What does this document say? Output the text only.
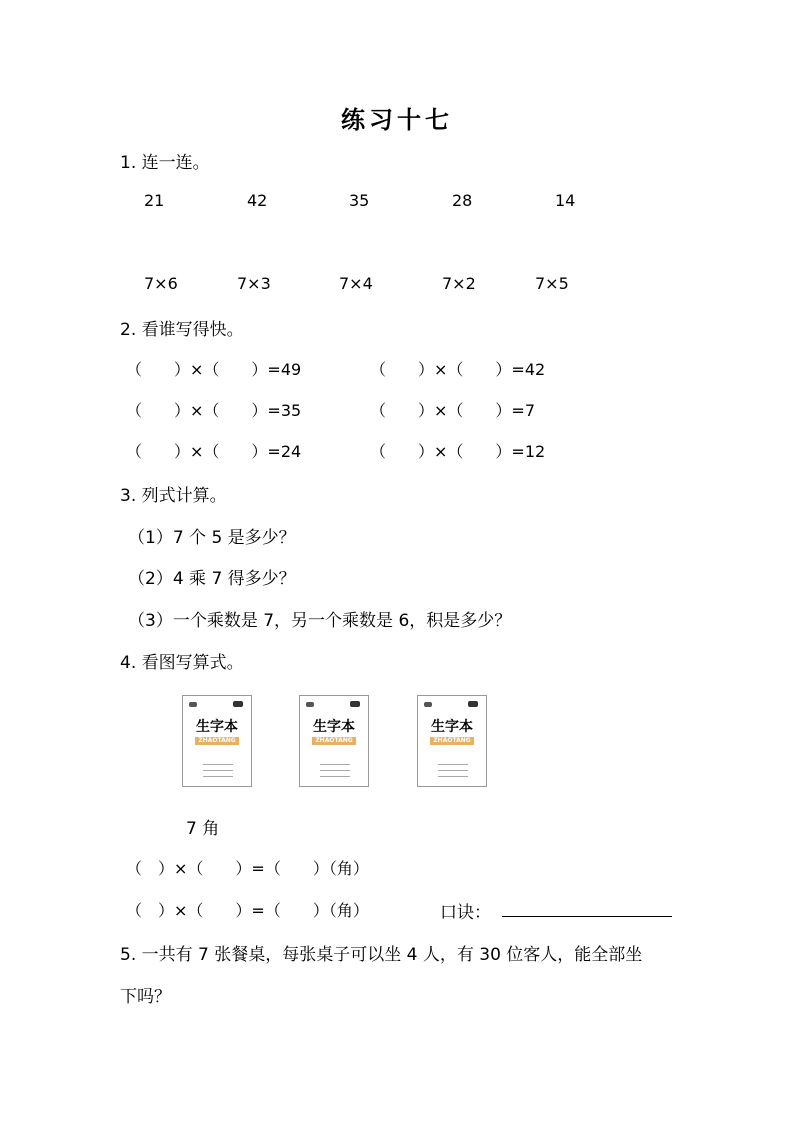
练习十七
1. 连一连。
21	42	35	28	14
7×6	7×3	7×4	7×2	7×5
2. 看谁写得快。
（　　）×（　　）=49	（　　）×（　　）=42
（　　）×（　　）=35	（　　）×（　　）=7
（　　）×（　　）=24	（　　）×（　　）=12
3. 列式计算。
（1）7 个 5 是多少？
（2）4 乘 7 得多少？
（3）一个乘数是 7，另一个乘数是 6，积是多少？
4. 看图写算式。
生字本
ZHAOTANG
生字本
ZHAOTANG
生字本
ZHAOTANG
7 角
（　）×（　　）=（　　）（角）
（　）×（　　）=（　　）（角）	口诀：
5. 一共有 7 张餐桌，每张桌子可以坐 4 人，有 30 位客人，能全部坐
下吗？
